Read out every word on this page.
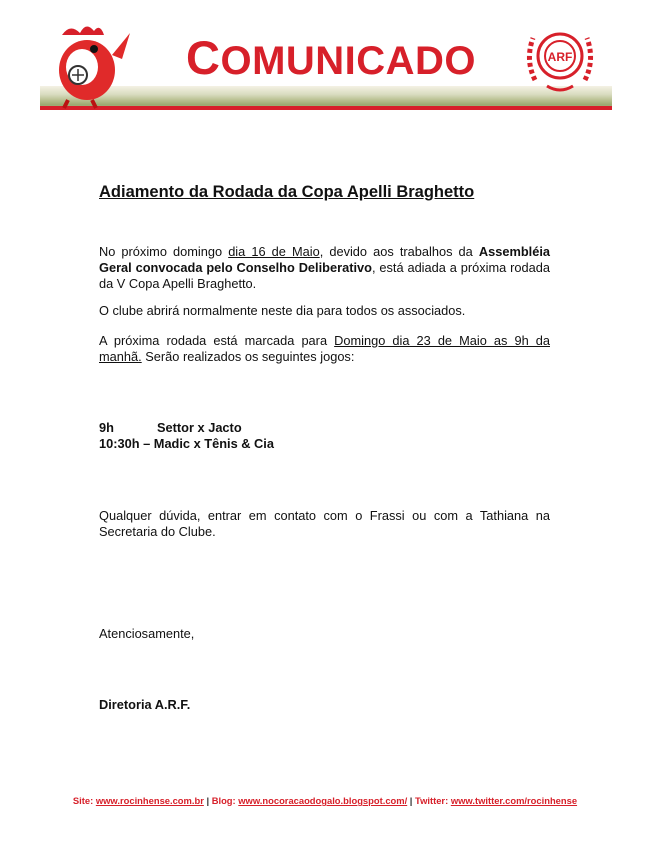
COMUNICADO	ARF
Adiamento da Rodada da Copa Apelli Braghetto
No próximo domingo dia 16 de Maio, devido aos trabalhos da Assembléia Geral convocada pelo Conselho Deliberativo, está adiada a próxima rodada da V Copa Apelli Braghetto.
O clube abrirá normalmente neste dia para todos os associados.
A próxima rodada está marcada para Domingo dia 23 de Maio as 9h da manhã. Serão realizados os seguintes jogos:
9h	Settor x Jacto
10:30h – Madic x Tênis & Cia
Qualquer dúvida, entrar em contato com o Frassi ou com a Tathiana na Secretaria do Clube.
Atenciosamente,
Diretoria A.R.F.
Site: www.rocinhense.com.br | Blog: www.nocoracaodogalo.blogspot.com/ | Twitter: www.twitter.com/rocinhense
